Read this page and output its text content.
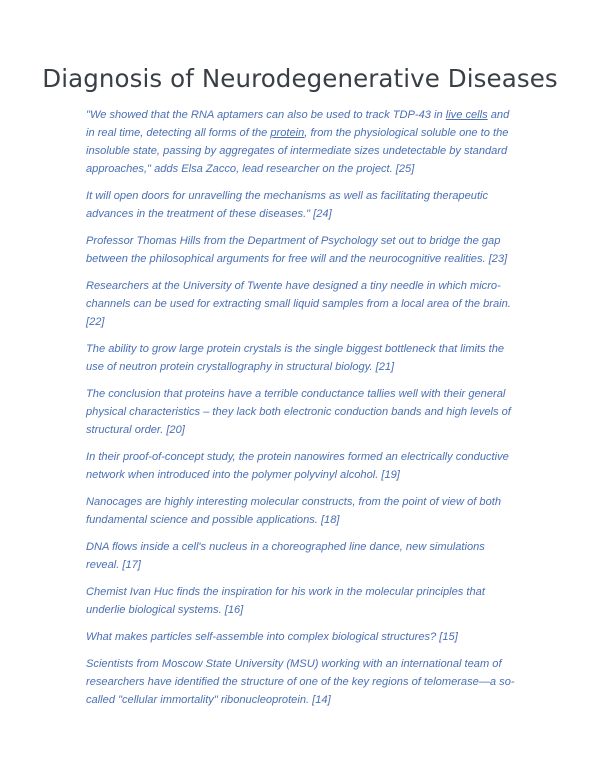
Diagnosis of Neurodegenerative Diseases

"We showed that the RNA aptamers can also be used to track TDP-43 in live cells and in real time, detecting all forms of the protein, from the physiological soluble one to the insoluble state, passing by aggregates of intermediate sizes undetectable by standard approaches," adds Elsa Zacco, lead researcher on the project. [25]

It will open doors for unravelling the mechanisms as well as facilitating therapeutic advances in the treatment of these diseases." [24]

Professor Thomas Hills from the Department of Psychology set out to bridge the gap between the philosophical arguments for free will and the neurocognitive realities. [23]

Researchers at the University of Twente have designed a tiny needle in which micro-channels can be used for extracting small liquid samples from a local area of the brain. [22]

The ability to grow large protein crystals is the single biggest bottleneck that limits the use of neutron protein crystallography in structural biology. [21]

The conclusion that proteins have a terrible conductance tallies well with their general physical characteristics – they lack both electronic conduction bands and high levels of structural order. [20]

In their proof-of-concept study, the protein nanowires formed an electrically conductive network when introduced into the polymer polyvinyl alcohol. [19]

Nanocages are highly interesting molecular constructs, from the point of view of both fundamental science and possible applications. [18]

DNA flows inside a cell's nucleus in a choreographed line dance, new simulations reveal. [17]

Chemist Ivan Huc finds the inspiration for his work in the molecular principles that underlie biological systems. [16]

What makes particles self-assemble into complex biological structures? [15]

Scientists from Moscow State University (MSU) working with an international team of researchers have identified the structure of one of the key regions of telomerase—a so-called "cellular immortality" ribonucleoprotein. [14]
